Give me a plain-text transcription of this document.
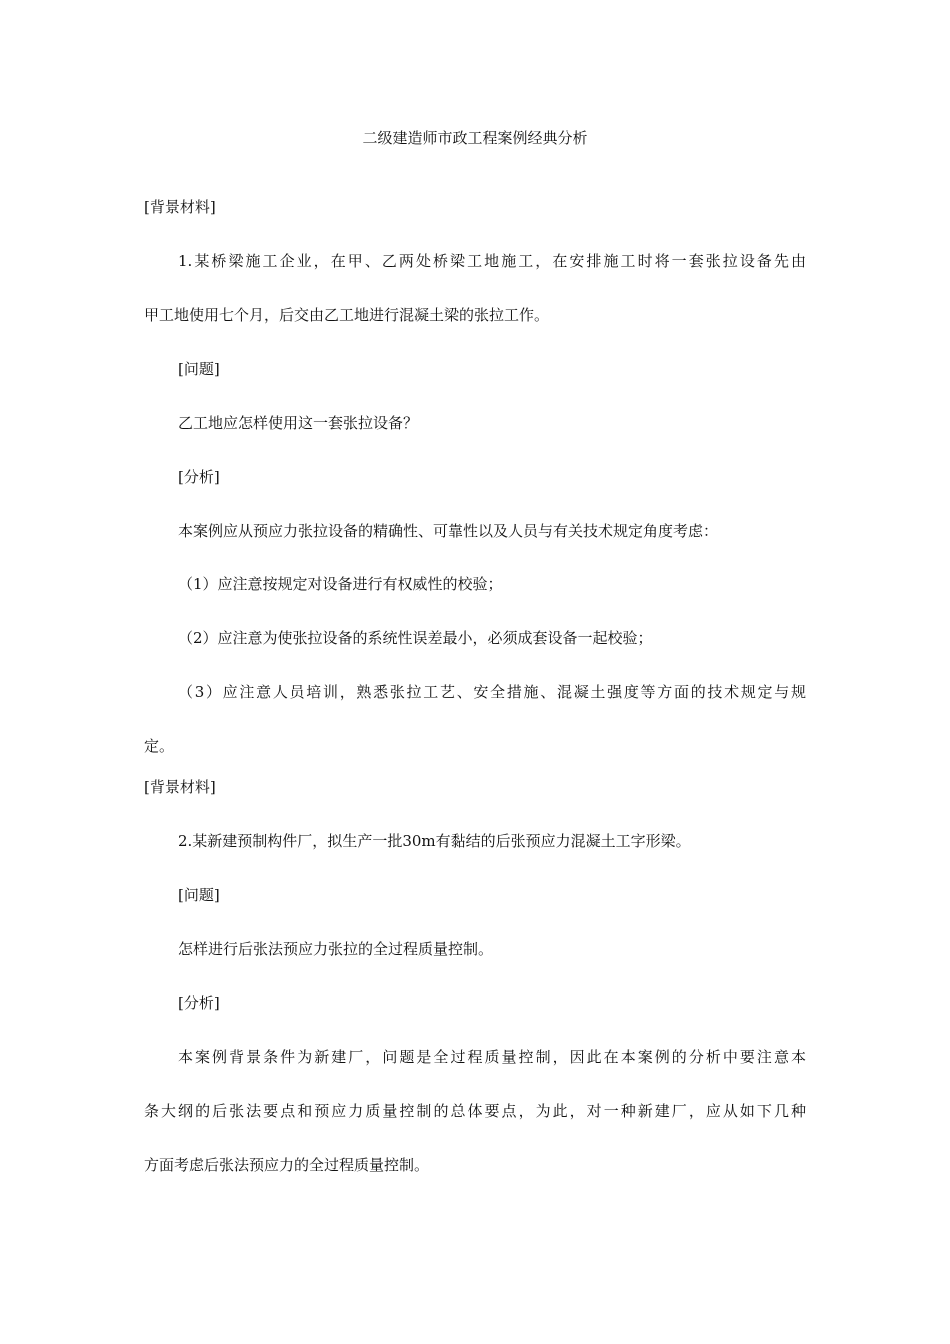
二级建造师市政工程案例经典分析
[背景材料]
1.某桥梁施工企业，在甲、乙两处桥梁工地施工，在安排施工时将一套张拉设备先由
甲工地使用七个月，后交由乙工地进行混凝土梁的张拉工作。
[问题]
乙工地应怎样使用这一套张拉设备？
[分析]
本案例应从预应力张拉设备的精确性、可靠性以及人员与有关技术规定角度考虑：
（1）应注意按规定对设备进行有权威性的校验；
（2）应注意为使张拉设备的系统性误差最小，必须成套设备一起校验；
（3）应注意人员培训，熟悉张拉工艺、安全措施、混凝土强度等方面的技术规定与规
定。
[背景材料]
2.某新建预制构件厂，拟生产一批30m有黏结的后张预应力混凝土工字形梁。
[问题]
怎样进行后张法预应力张拉的全过程质量控制。
[分析]
本案例背景条件为新建厂，问题是全过程质量控制，因此在本案例的分析中要注意本
条大纲的后张法要点和预应力质量控制的总体要点，为此，对一种新建厂，应从如下几种
方面考虑后张法预应力的全过程质量控制。
